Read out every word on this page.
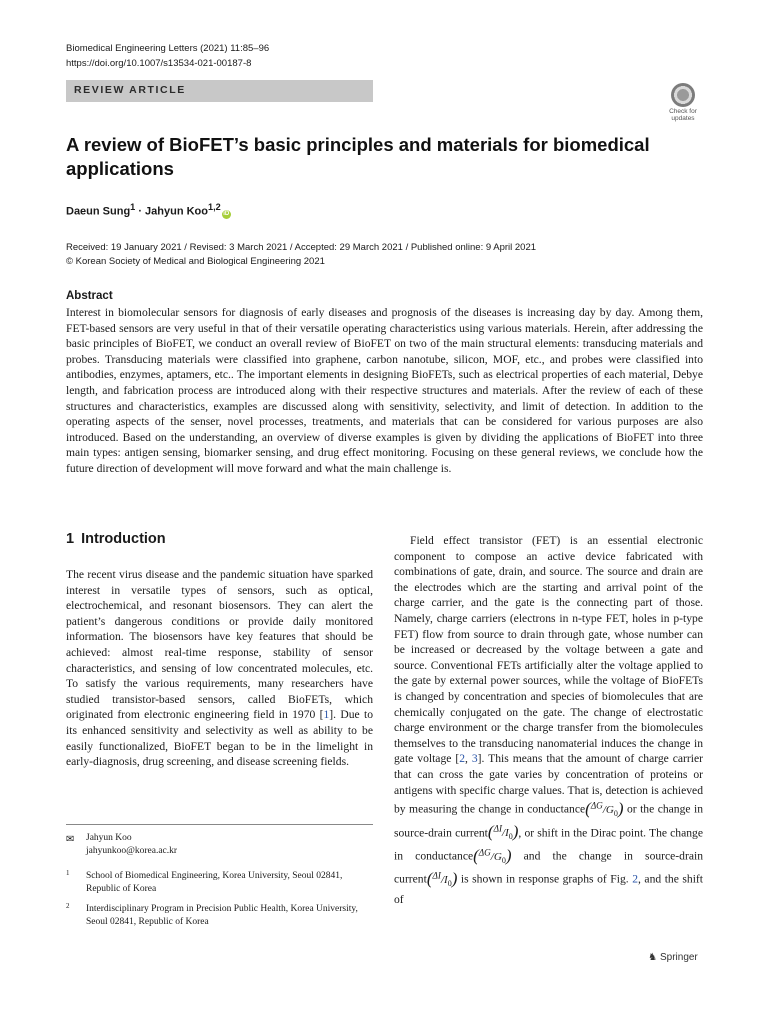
Biomedical Engineering Letters (2021) 11:85–96
https://doi.org/10.1007/s13534-021-00187-8
REVIEW ARTICLE
Check for
updates
A review of BioFET’s basic principles and materials for biomedical applications
Daeun Sung$^1$ · Jahyun Koo$^{1,2}$iD
Received: 19 January 2021 / Revised: 3 March 2021 / Accepted: 29 March 2021 / Published online: 9 April 2021
© Korean Society of Medical and Biological Engineering 2021
Abstract
Interest in biomolecular sensors for diagnosis of early diseases and prognosis of the diseases is increasing day by day. Among them, FET-based sensors are very useful in that of their versatile operating characteristics using various materials. Herein, after addressing the basic principles of BioFET, we conduct an overall review of BioFET on two of the main structural elements: transducing materials and probes. Transducing materials were classified into graphene, carbon nanotube, silicon, MOF, etc., and probes were classified into antibodies, enzymes, aptamers, etc.. The important elements in designing BioFETs, such as electrical properties of each material, Debye length, and fabrication process are introduced along with their respective structures and materials. After the review of each of these structures and characteristics, examples are discussed along with sensitivity, selectivity, and limit of detection. In addition to the operating aspects of the senser, novel processes, treatments, and materials that can be considered for various purposes are also introduced. Based on the understanding, an overview of diverse examples is given by dividing the applications of BioFET into three main types: antigen sensing, biomarker sensing, and drug effect monitoring. Focusing on these general reviews, we conclude how the future direction of development will move forward and what the main challenge is.
1 Introduction
The recent virus disease and the pandemic situation have sparked interest in versatile types of sensors, such as optical, electrochemical, and resonant biosensors. They can alert the patient’s dangerous conditions or provide daily monitored information. The biosensors have key features that should be achieved: almost real-time response, stability of sensor characteristics, and sensing of low concentrated molecules, etc. To satisfy the various requirements, many researchers have studied transistor-based sensors, called BioFETs, which originated from electronic engineering field in 1970 [1]. Due to its enhanced sensitivity and selectivity as well as ability to be easily functionalized, BioFET began to be in the limelight in early-diagnosis, drug screening, and disease screening fields.
Field effect transistor (FET) is an essential electronic component to compose an active device fabricated with combinations of gate, drain, and source. The source and drain are the electrodes which are the starting and arrival point of the charge carrier, and the gate is the connecting part of those. Namely, charge carriers (electrons in n-type FET, holes in p-type FET) flow from source to drain through gate, whose number can be increased or decreased by the voltage between a gate and source. Conventional FETs artificially alter the voltage applied to the gate by external power sources, while the voltage of BioFETs is changed by concentration and species of biomolecules that are chemically conjugated on the gate. The change of electrostatic charge environment or the charge transfer from the biomolecules themselves to the transducing nanomaterial induces the change in gate voltage [2, 3]. This means that the amount of charge carrier that can cross the gate varies by concentration of proteins or antigens with specific charge values. That is, detection is achieved by measuring the change in $conductance(^{\Delta G}/G_0)$ or the change in source-drain $current(^{\Delta I}/I_0)$, or shift in the Dirac point. The change in $conductance(^{\Delta G}/G_0)$ and the change in source-drain $current(^{\Delta I}/I_0)$ is shown in response graphs of Fig. 2, and the shift of
✉ Jahyun Koo
jahyunkoo@korea.ac.kr
1 School of Biomedical Engineering, Korea University, Seoul 02841, Republic of Korea
2 Interdisciplinary Program in Precision Public Health, Korea University, Seoul 02841, Republic of Korea
♞ Springer
